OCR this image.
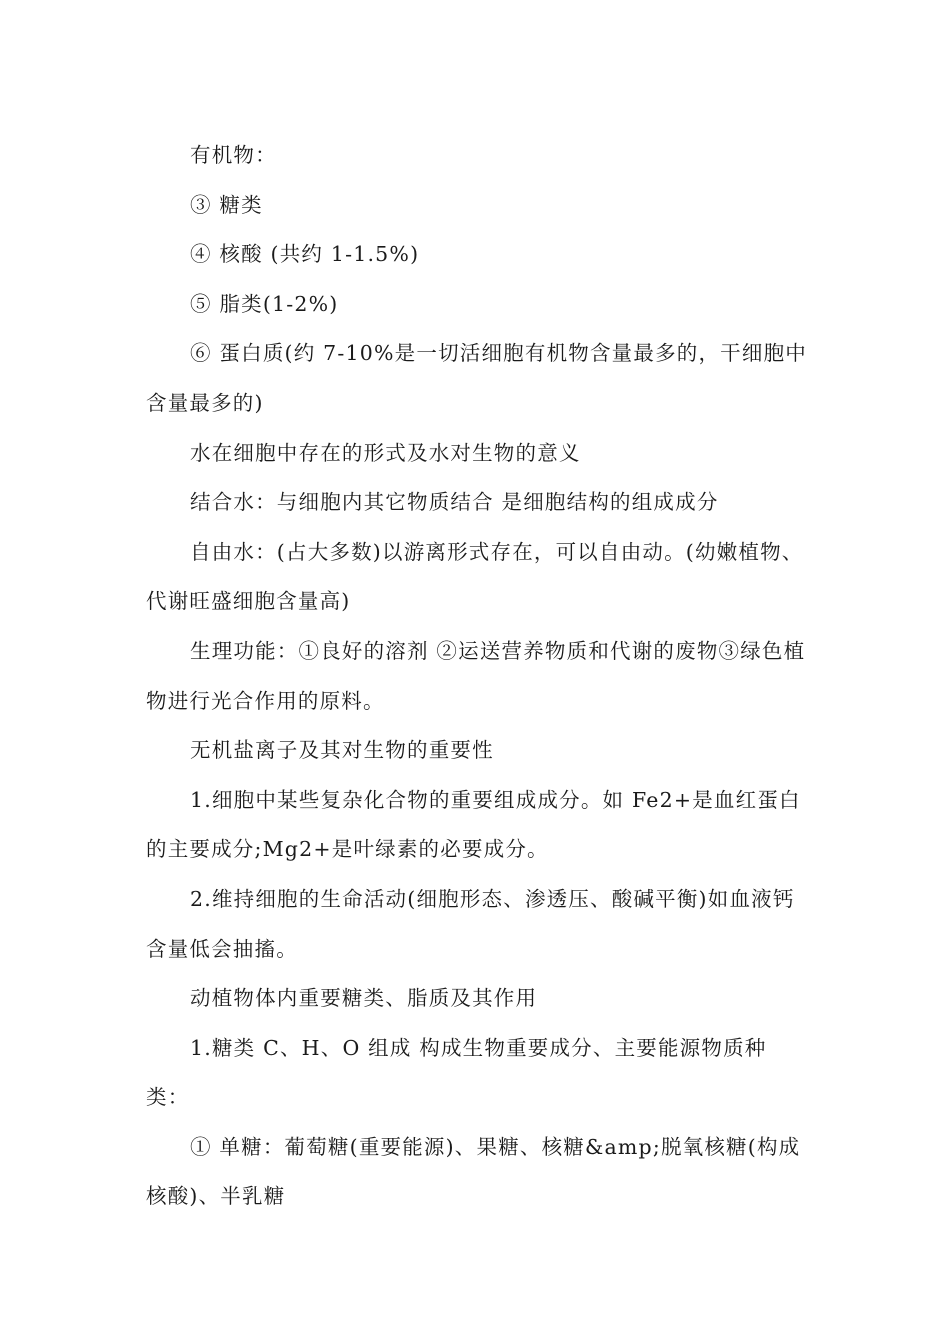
有机物：

③ 糖类

④ 核酸 (共约 1-1.5%)

⑤ 脂类(1-2%)

⑥ 蛋白质(约 7-10%是一切活细胞有机物含量最多的，干细胞中含量最多的)

水在细胞中存在的形式及水对生物的意义

结合水：与细胞内其它物质结合 是细胞结构的组成成分

自由水：(占大多数)以游离形式存在，可以自由动。(幼嫩植物、代谢旺盛细胞含量高)

生理功能：①良好的溶剂 ②运送营养物质和代谢的废物③绿色植物进行光合作用的原料。

无机盐离子及其对生物的重要性

1.细胞中某些复杂化合物的重要组成成分。如 Fe2+是血红蛋白的主要成分;Mg2+是叶绿素的必要成分。

2.维持细胞的生命活动(细胞形态、渗透压、酸碱平衡)如血液钙含量低会抽搐。

动植物体内重要糖类、脂质及其作用

1.糖类 C、H、O 组成 构成生物重要成分、主要能源物质种类：

① 单糖：葡萄糖(重要能源)、果糖、核糖&amp;脱氧核糖(构成核酸)、半乳糖
